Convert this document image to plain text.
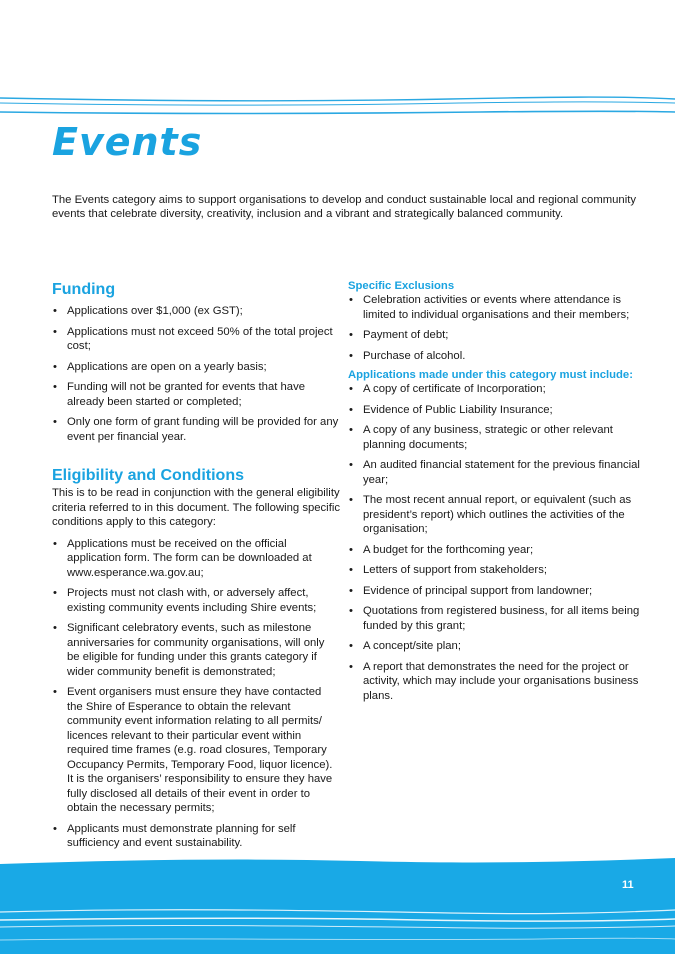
Events

The Events category aims to support organisations to develop and conduct sustainable local and regional community events that celebrate diversity, creativity, inclusion and a vibrant and strategically balanced community.

Funding
• Applications over $1,000 (ex GST);
• Applications must not exceed 50% of the total project cost;
• Applications are open on a yearly basis;
• Funding will not be granted for events that have already been started or completed;
• Only one form of grant funding will be provided for any event per financial year.
Eligibility and Conditions

This is to be read in conjunction with the general eligibility criteria referred to in this document. The following specific conditions apply to this category:

• Applications must be received on the official application form. The form can be downloaded at www.esperance.wa.gov.au;
• Projects must not clash with, or adversely affect, existing community events including Shire events;
• Significant celebratory events, such as milestone anniversaries for community organisations, will only be eligible for funding under this grants category if wider community benefit is demonstrated;
• Event organisers must ensure they have contacted the Shire of Esperance to obtain the relevant community event information relating to all permits/ licences relevant to their particular event within required time frames (e.g. road closures, Temporary Occupancy Permits, Temporary Food, liquor licence). It is the organisers’ responsibility to ensure they have fully disclosed all details of their event in order to obtain the necessary permits;
• Applicants must demonstrate planning for self sufficiency and event sustainability.
Specific Exclusions
• Celebration activities or events where attendance is limited to individual organisations and their members;
• Payment of debt;
• Purchase of alcohol.
Applications made under this category must include:
• A copy of certificate of Incorporation;
• Evidence of Public Liability Insurance;
• A copy of any business, strategic or other relevant planning documents;
• An audited financial statement for the previous financial year;
• The most recent annual report, or equivalent (such as president’s report) which outlines the activities of the organisation;
• A budget for the forthcoming year;
• Letters of support from stakeholders;
• Evidence of principal support from landowner;
• Quotations from registered business, for all items being funded by this grant;
• A concept/site plan;
• A report that demonstrates the need for the project or activity, which may include your organisations business plans.
11
